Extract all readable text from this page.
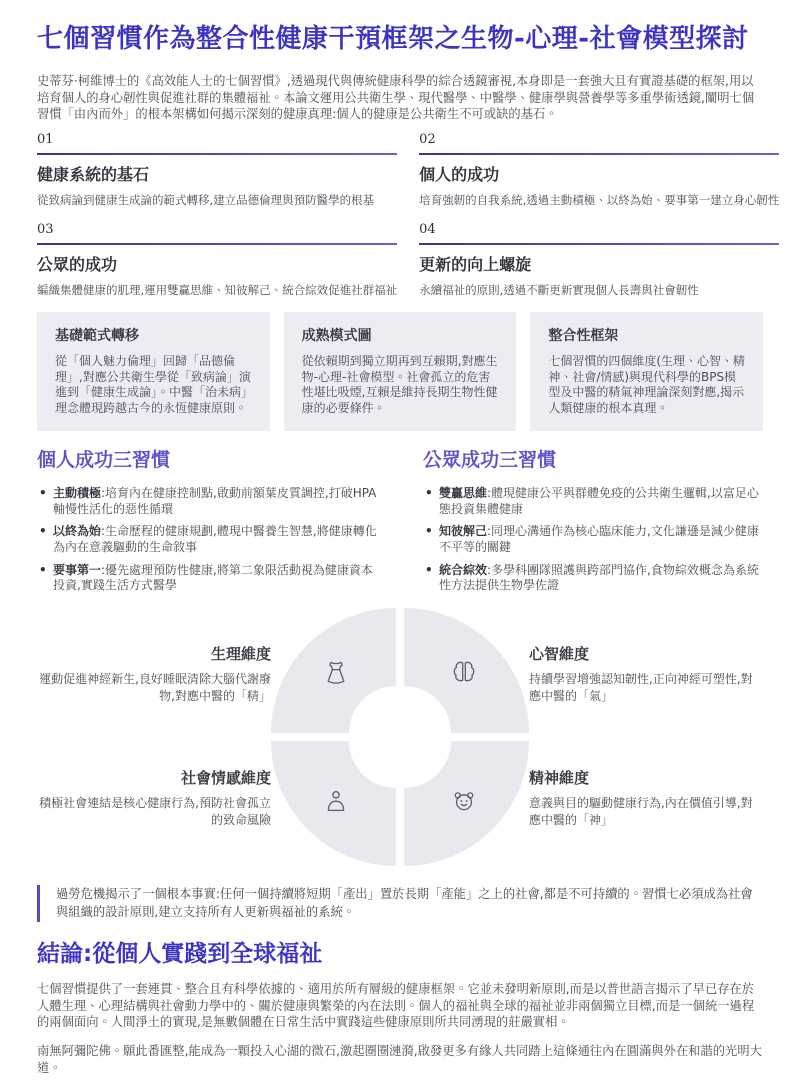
七個習慣作為整合性健康干預框架之生物-心理-社會模型探討

史蒂芬·柯維博士的《高效能人士的七個習慣》,透過現代與傳統健康科學的綜合透鏡審視,本身即是一套強大且有實證基礎的框架,用以培育個人的身心韌性與促進社群的集體福祉。本論文運用公共衛生學、現代醫學、中醫學、健康學與營養學等多重學術透鏡,闡明七個習慣「由內而外」的根本架構如何揭示深刻的健康真理:個人的健康是公共衛生不可或缺的基石。

01
健康系統的基石

從致病論到健康生成論的範式轉移,建立品德倫理與預防醫學的根基

02
個人的成功

培育強韌的自我系統,透過主動積極、以終為始、要事第一建立身心韌性

03
公眾的成功

編織集體健康的肌理,運用雙贏思維、知彼解己、統合綜效促進社群福祉

04
更新的向上螺旋

永續福祉的原則,透過不斷更新實現個人長壽與社會韌性

基礎範式轉移

從「個人魅力倫理」回歸「品德倫理」,對應公共衛生學從「致病論」演進到「健康生成論」。中醫「治未病」理念體現跨越古今的永恆健康原則。

成熟模式圖

從依賴期到獨立期再到互賴期,對應生物-心理-社會模型。社會孤立的危害性堪比吸煙,互賴是維持長期生物性健康的必要條件。

整合性框架

七個習慣的四個維度(生理、心智、精神、社會/情感)與現代科學的BPS模型及中醫的精氣神理論深刻對應,揭示人類健康的根本真理。

個人成功三習慣
• 主動積極:培育內在健康控制點,啟動前額葉皮質調控,打破HPA軸慢性活化的惡性循環
• 以終為始:生命歷程的健康規劃,體現中醫養生智慧,將健康轉化為內在意義驅動的生命敘事
• 要事第一:優先處理預防性健康,將第二象限活動視為健康資本投資,實踐生活方式醫學
公眾成功三習慣
• 雙贏思維:體現健康公平與群體免疫的公共衛生邏輯,以富足心態投資集體健康
• 知彼解己:同理心溝通作為核心臨床能力,文化謙遜是減少健康不平等的關鍵
• 統合綜效:多學科團隊照護與跨部門協作,食物綜效概念為系統性方法提供生物學佐證
生理維度

運動促進神經新生,良好睡眠清除大腦代謝廢物,對應中醫的「精」

心智維度

持續學習增強認知韌性,正向神經可塑性,對應中醫的「氣」

社會情感維度

積極社會連結是核心健康行為,預防社會孤立的致命風險

精神維度

意義與目的驅動健康行為,內在價值引導,對應中醫的「神」

過勞危機揭示了一個根本事實:任何一個持續將短期「產出」置於長期「產能」之上的社會,都是不可持續的。習慣七必須成為社會與組織的設計原則,建立支持所有人更新與福祉的系統。
結論:從個人實踐到全球福祉

七個習慣提供了一套連貫、整合且有科學依據的、適用於所有層級的健康框架。它並未發明新原則,而是以普世語言揭示了早已存在於人體生理、心理結構與社會動力學中的、關於健康與繁榮的內在法則。個人的福祉與全球的福祉並非兩個獨立目標,而是一個統一過程的兩個面向。人間淨土的實現,是無數個體在日常生活中實踐這些健康原則所共同湧現的莊嚴實相。

南無阿彌陀佛。願此番匯整,能成為一顆投入心湖的微石,激起圈圈漣漪,啟發更多有緣人共同踏上這條通往內在圓滿與外在和諧的光明大道。
